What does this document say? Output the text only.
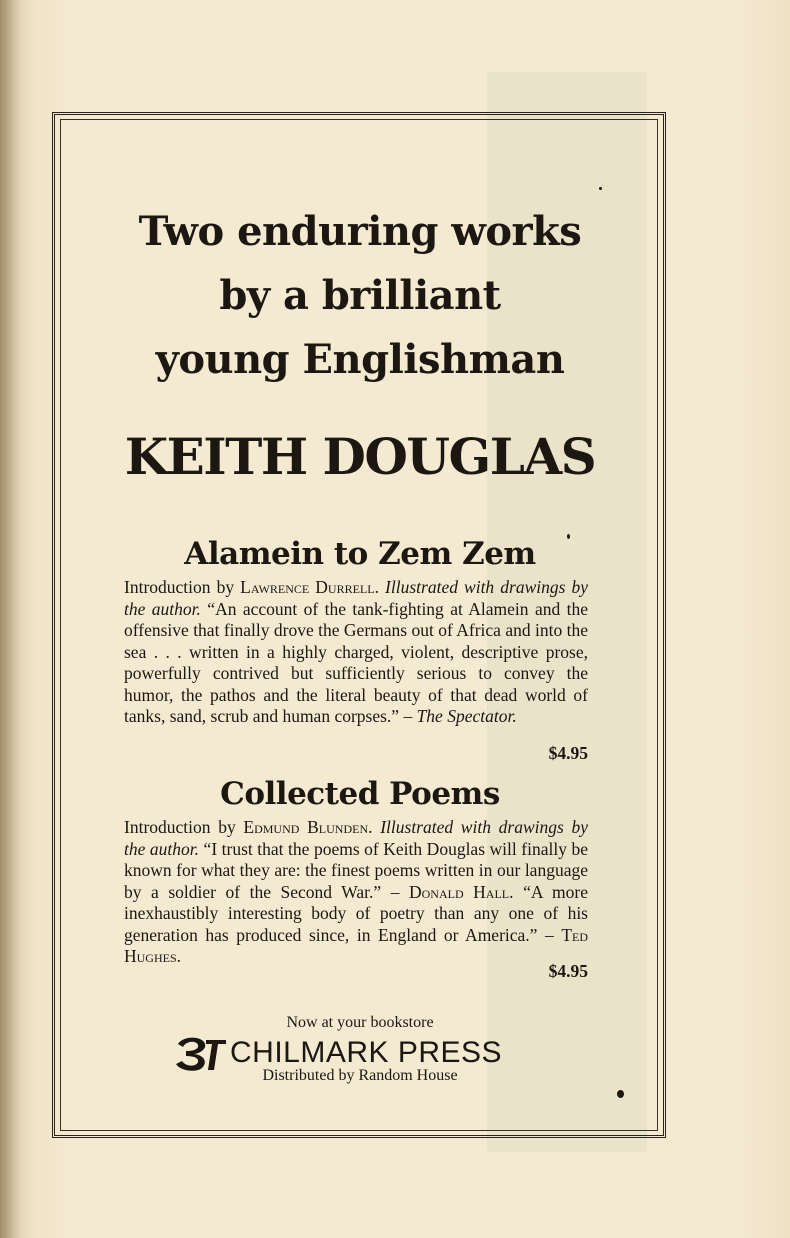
Two enduring works
by a brilliant
young Englishman
KEITH DOUGLAS
Alamein to Zem Zem
Introduction by Lawrence Durrell. Illustrated with drawings by the author. “An account of the tank-fighting at Alamein and the offensive that finally drove the Germans out of Africa and into the sea . . . written in a highly charged, violent, descriptive prose, powerfully contrived but sufficiently serious to convey the humor, the pathos and the literal beauty of that dead world of tanks, sand, scrub and human corpses.” – The Spectator.
$4.95
Collected Poems
Introduction by Edmund Blunden. Illustrated with drawings by the author. “I trust that the poems of Keith Douglas will finally be known for what they are: the finest poems written in our language by a soldier of the Second War.” – Donald Hall. “A more inexhaustibly interesting body of poetry than any one of his generation has produced since, in England or America.” – Ted Hughes.
$4.95
Now at your bookstore
CHILMARK PRESS
Distributed by Random House
